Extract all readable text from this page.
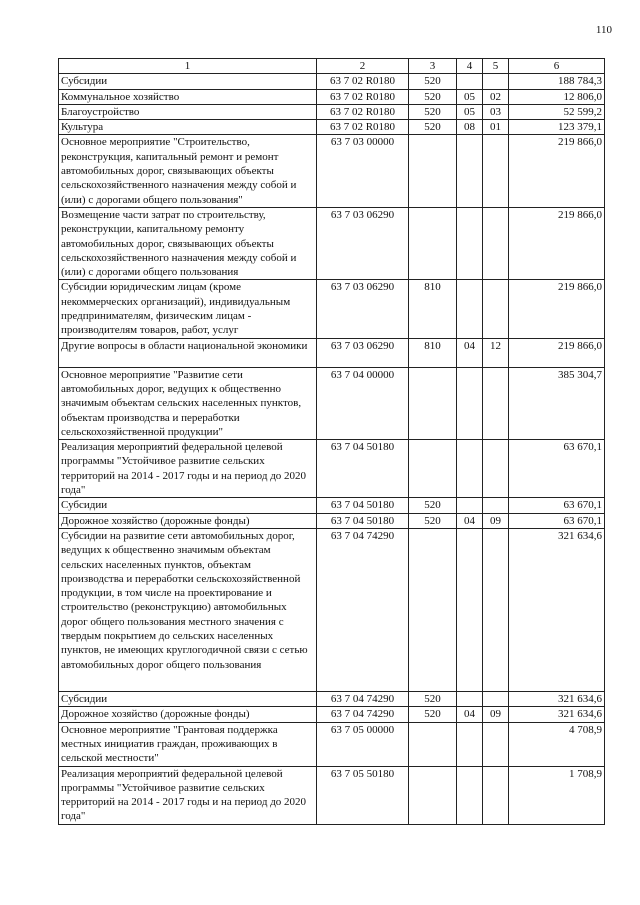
110
1	2	3	4	5	6
Субсидии	63 7 02 R0180	520			188 784,3
Коммунальное хозяйство	63 7 02 R0180	520	05	02	12 806,0
Благоустройство	63 7 02 R0180	520	05	03	52 599,2
Культура	63 7 02 R0180	520	08	01	123 379,1
Основное мероприятие "Строительство, реконструкция, капитальный ремонт и ремонт автомобильных дорог, связывающих объекты сельскохозяйственного назначения между собой и (или) с дорогами общего пользования"	63 7 03 00000				219 866,0
Возмещение части затрат по строительству, реконструкции, капитальному ремонту автомобильных дорог, связывающих объекты сельскохозяйственного назначения между собой и (или) с дорогами общего пользования	63 7 03 06290				219 866,0
Субсидии юридическим лицам (кроме некоммерческих организаций), индивидуальным предпринимателям, физическим лицам - производителям товаров, работ, услуг	63 7 03 06290	810			219 866,0
Другие вопросы в области национальной экономики	63 7 03 06290	810	04	12	219 866,0
Основное мероприятие "Развитие сети автомобильных дорог, ведущих к общественно значимым объектам сельских населенных пунктов, объектам производства и переработки сельскохозяйственной продукции"	63 7 04 00000				385 304,7
Реализация мероприятий федеральной целевой программы "Устойчивое развитие сельских территорий на 2014 - 2017 годы и на период до 2020 года"	63 7 04 50180				63 670,1
Субсидии	63 7 04 50180	520			63 670,1
Дорожное хозяйство (дорожные фонды)	63 7 04 50180	520	04	09	63 670,1
Субсидии на развитие сети автомобильных дорог, ведущих к общественно значимым объектам сельских населенных пунктов, объектам производства и переработки сельскохозяйственной продукции, в том числе на проектирование и строительство (реконструкцию) автомобильных дорог общего пользования местного значения с твердым покрытием до сельских населенных пунктов, не имеющих круглогодичной связи с сетью автомобильных дорог общего пользования	63 7 04 74290				321 634,6
Субсидии	63 7 04 74290	520			321 634,6
Дорожное хозяйство (дорожные фонды)	63 7 04 74290	520	04	09	321 634,6
Основное мероприятие "Грантовая поддержка местных инициатив граждан, проживающих в сельской местности"	63 7 05 00000				4 708,9
Реализация мероприятий федеральной целевой программы "Устойчивое развитие сельских территорий на 2014 - 2017 годы и на период до 2020 года"	63 7 05 50180				1 708,9
